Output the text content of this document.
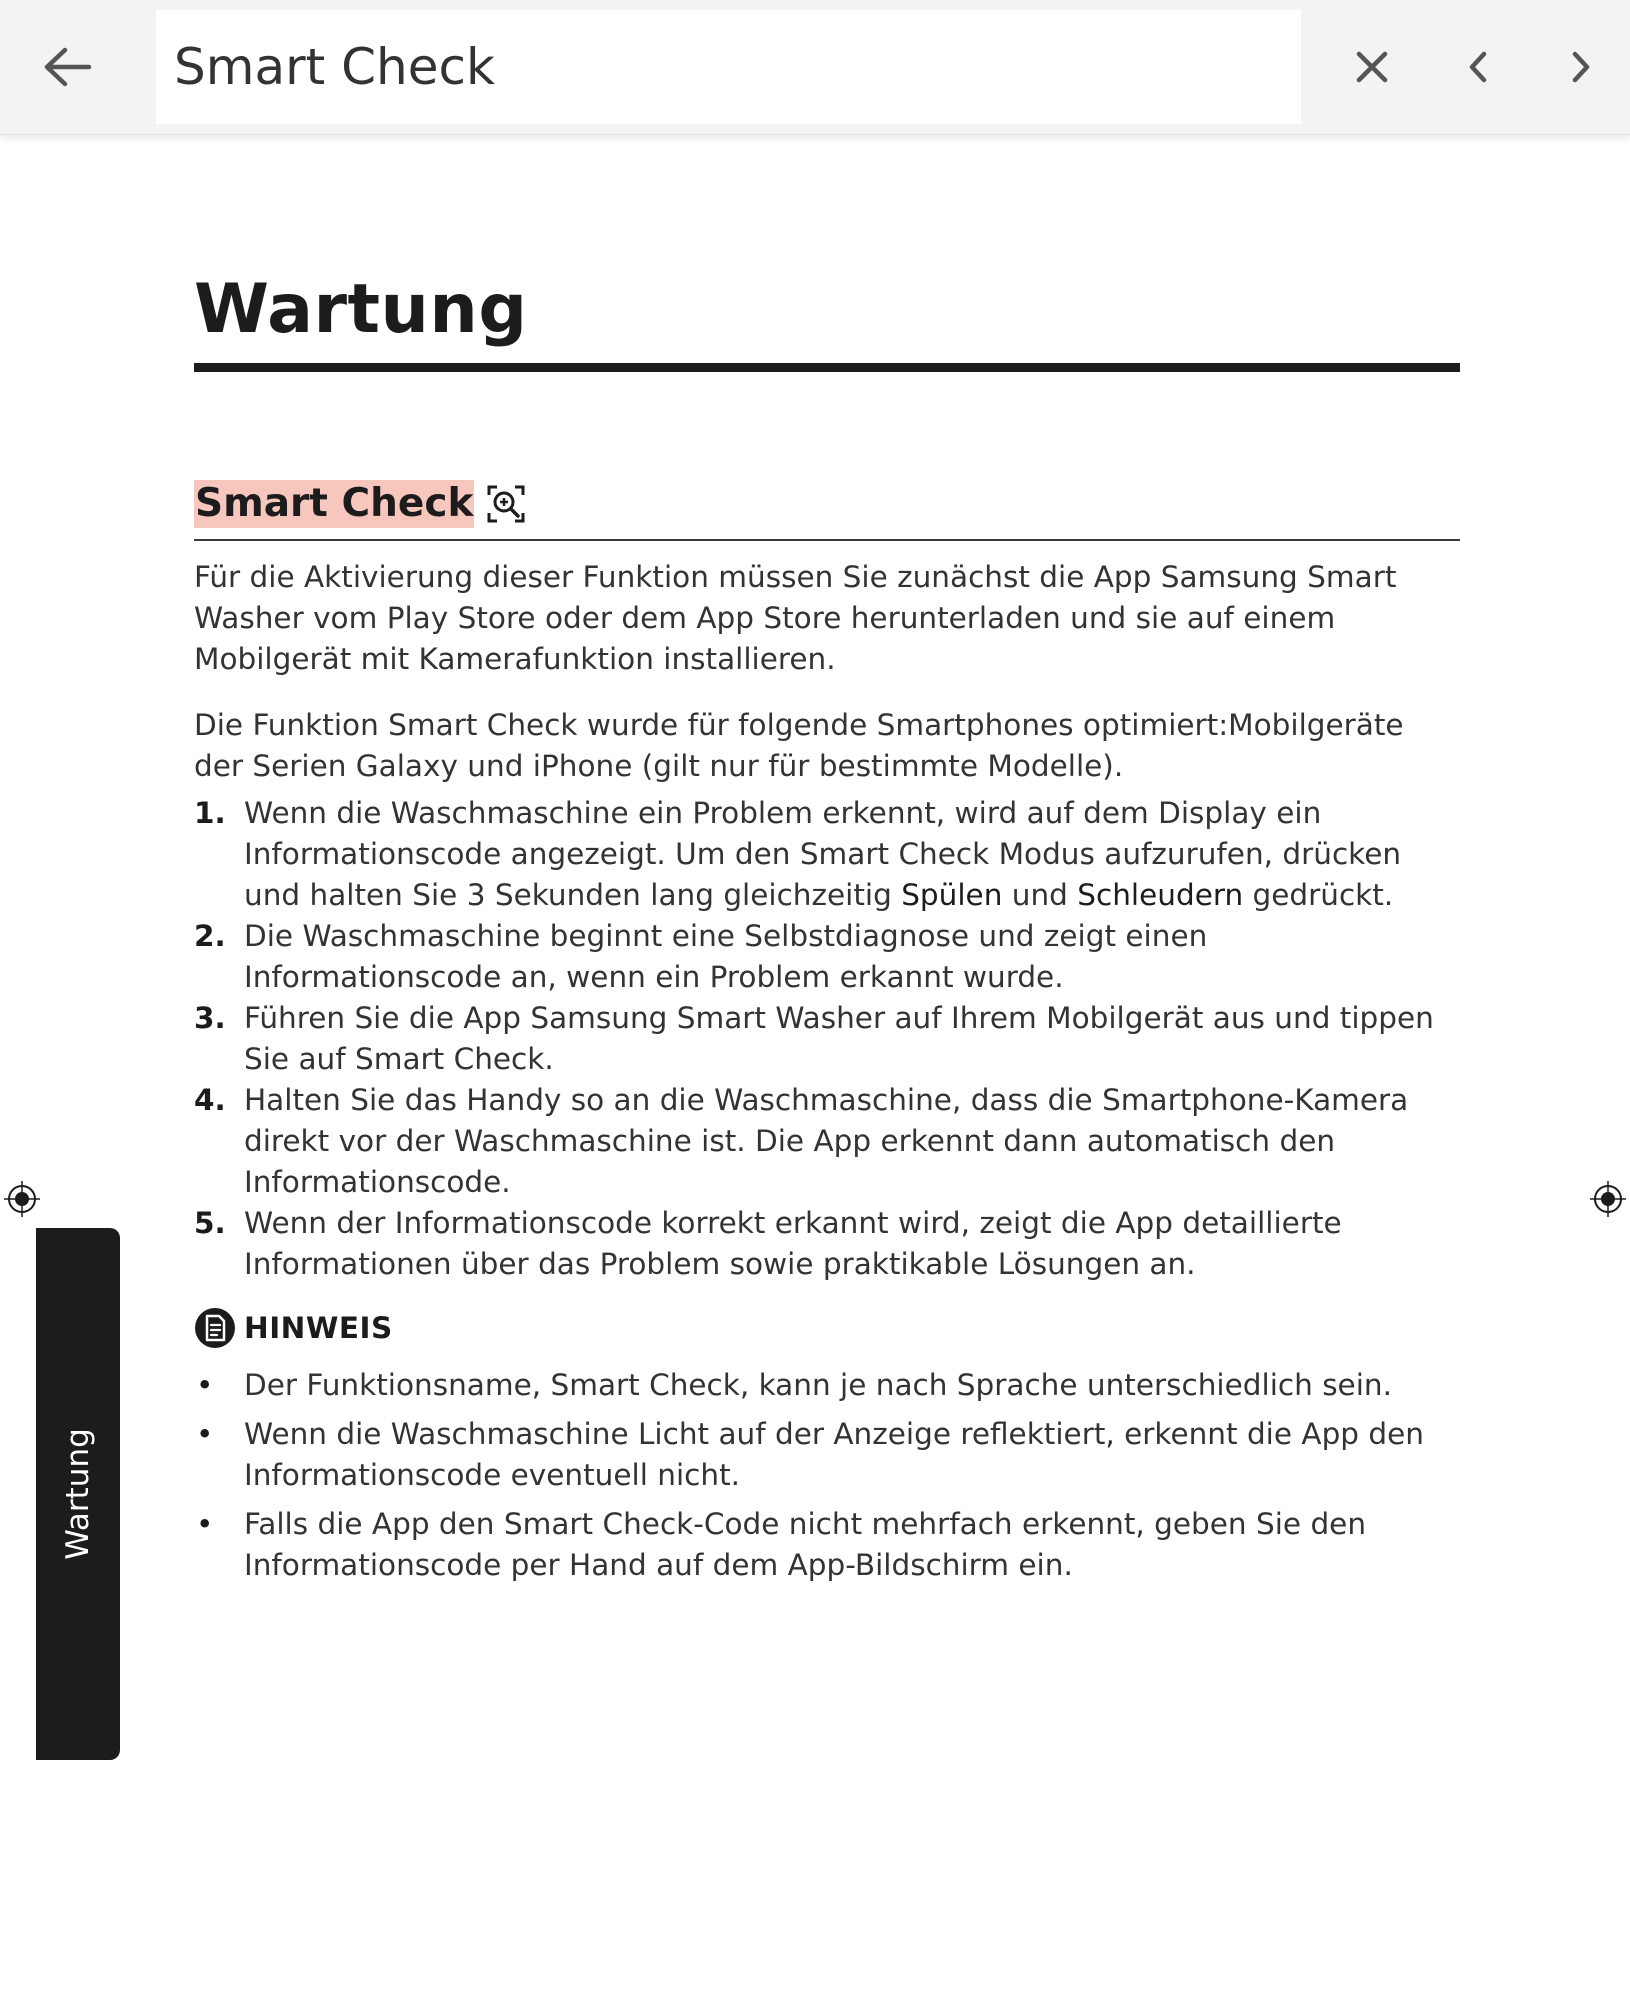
Smart Check
Wartung
Smart Check

Für die Aktivierung dieser Funktion müssen Sie zunächst die App Samsung Smart Washer vom Play Store oder dem App Store herunterladen und sie auf einem Mobilgerät mit Kamerafunktion installieren.

Die Funktion Smart Check wurde für folgende Smartphones optimiert:Mobilgeräte der Serien Galaxy und iPhone (gilt nur für bestimmte Modelle).

1. Wenn die Waschmaschine ein Problem erkennt, wird auf dem Display ein Informationscode angezeigt. Um den Smart Check Modus aufzurufen, drücken und halten Sie 3 Sekunden lang gleichzeitig Spülen und Schleudern gedrückt.
2. Die Waschmaschine beginnt eine Selbstdiagnose und zeigt einen Informationscode an, wenn ein Problem erkannt wurde.
3. Führen Sie die App Samsung Smart Washer auf Ihrem Mobilgerät aus und tippen Sie auf Smart Check.
4. Halten Sie das Handy so an die Waschmaschine, dass die Smartphone-Kamera direkt vor der Waschmaschine ist. Die App erkennt dann automatisch den Informationscode.
5. Wenn der Informationscode korrekt erkannt wird, zeigt die App detaillierte Informationen über das Problem sowie praktikable Lösungen an.
HINWEIS
• Der Funktionsname, Smart Check, kann je nach Sprache unterschiedlich sein.
• Wenn die Waschmaschine Licht auf der Anzeige reflektiert, erkennt die App den Informationscode eventuell nicht.
• Falls die App den Smart Check-Code nicht mehrfach erkennt, geben Sie den Informationscode per Hand auf dem App-Bildschirm ein.
Wartung
